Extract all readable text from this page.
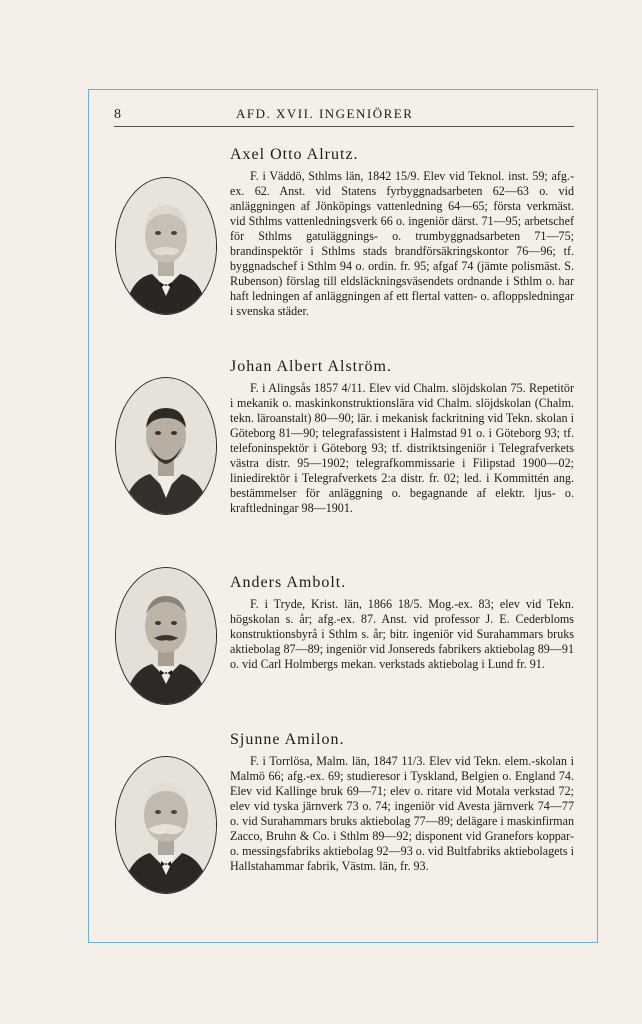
8	AFD. XVII. INGENIÖRER
Axel Otto Alrutz.

F. i Väddö, Sthlms län, 1842 15/9. Elev vid Teknol. inst. 59; afg.-ex. 62. Anst. vid Statens fyrbyggnadsarbeten 62—63 o. vid anläggningen af Jönköpings vattenledning 64—65; första verkmäst. vid Sthlms vattenledningsverk 66 o. ingeniör därst. 71—95; arbetschef för Sthlms gatuläggnings- o. trumbyggnadsarbeten 71—75; brandinspektör i Sthlms stads brandförsäkringskontor 76—96; tf. byggnadschef i Sthlm 94 o. ordin. fr. 95; afgaf 74 (jämte polismäst. S. Rubenson) förslag till eldsläckningsväsendets ordnande i Sthlm o. har haft ledningen af anläggningen af ett flertal vatten- o. afloppsledningar i svenska städer.

Johan Albert Alström.

F. i Alingsås 1857 4/11. Elev vid Chalm. slöjdskolan 75. Repetitör i mekanik o. maskinkonstruktionslära vid Chalm. slöjdskolan (Chalm. tekn. läroanstalt) 80—90; lär. i mekanisk fackritning vid Tekn. skolan i Göteborg 81—90; telegrafassistent i Halmstad 91 o. i Göteborg 93; tf. telefoninspektör i Göteborg 93; tf. distriktsingeniör i Telegrafverkets västra distr. 95—1902; telegrafkommissarie i Filipstad 1900—02; liniedirektör i Telegrafverkets 2:a distr. fr. 02; led. i Kommittén ang. bestämmelser för anläggning o. begagnande af elektr. ljus- o. kraftledningar 98—1901.

Anders Ambolt.

F. i Tryde, Krist. län, 1866 18/5. Mog.-ex. 83; elev vid Tekn. högskolan s. år; afg.-ex. 87. Anst. vid professor J. E. Cederbloms konstruktionsbyrå i Sthlm s. år; bitr. ingeniör vid Surahammars bruks aktiebolag 87—89; ingeniör vid Jonsereds fabrikers aktiebolag 89—91 o. vid Carl Holmbergs mekan. verkstads aktiebolag i Lund fr. 91.

Sjunne Amilon.

F. i Torrlösa, Malm. län, 1847 11/3. Elev vid Tekn. elem.-skolan i Malmö 66; afg.-ex. 69; studieresor i Tyskland, Belgien o. England 74. Elev vid Kallinge bruk 69—71; elev o. ritare vid Motala verkstad 72; elev vid tyska järnverk 73 o. 74; ingeniör vid Avesta järnverk 74—77 o. vid Surahammars bruks aktiebolag 77—89; delägare i maskinfirman Zacco, Bruhn & Co. i Sthlm 89—92; disponent vid Granefors koppar- o. messingsfabriks aktiebolag 92—93 o. vid Bultfabriks aktiebolagets i Hallstahammar fabrik, Västm. län, fr. 93.
